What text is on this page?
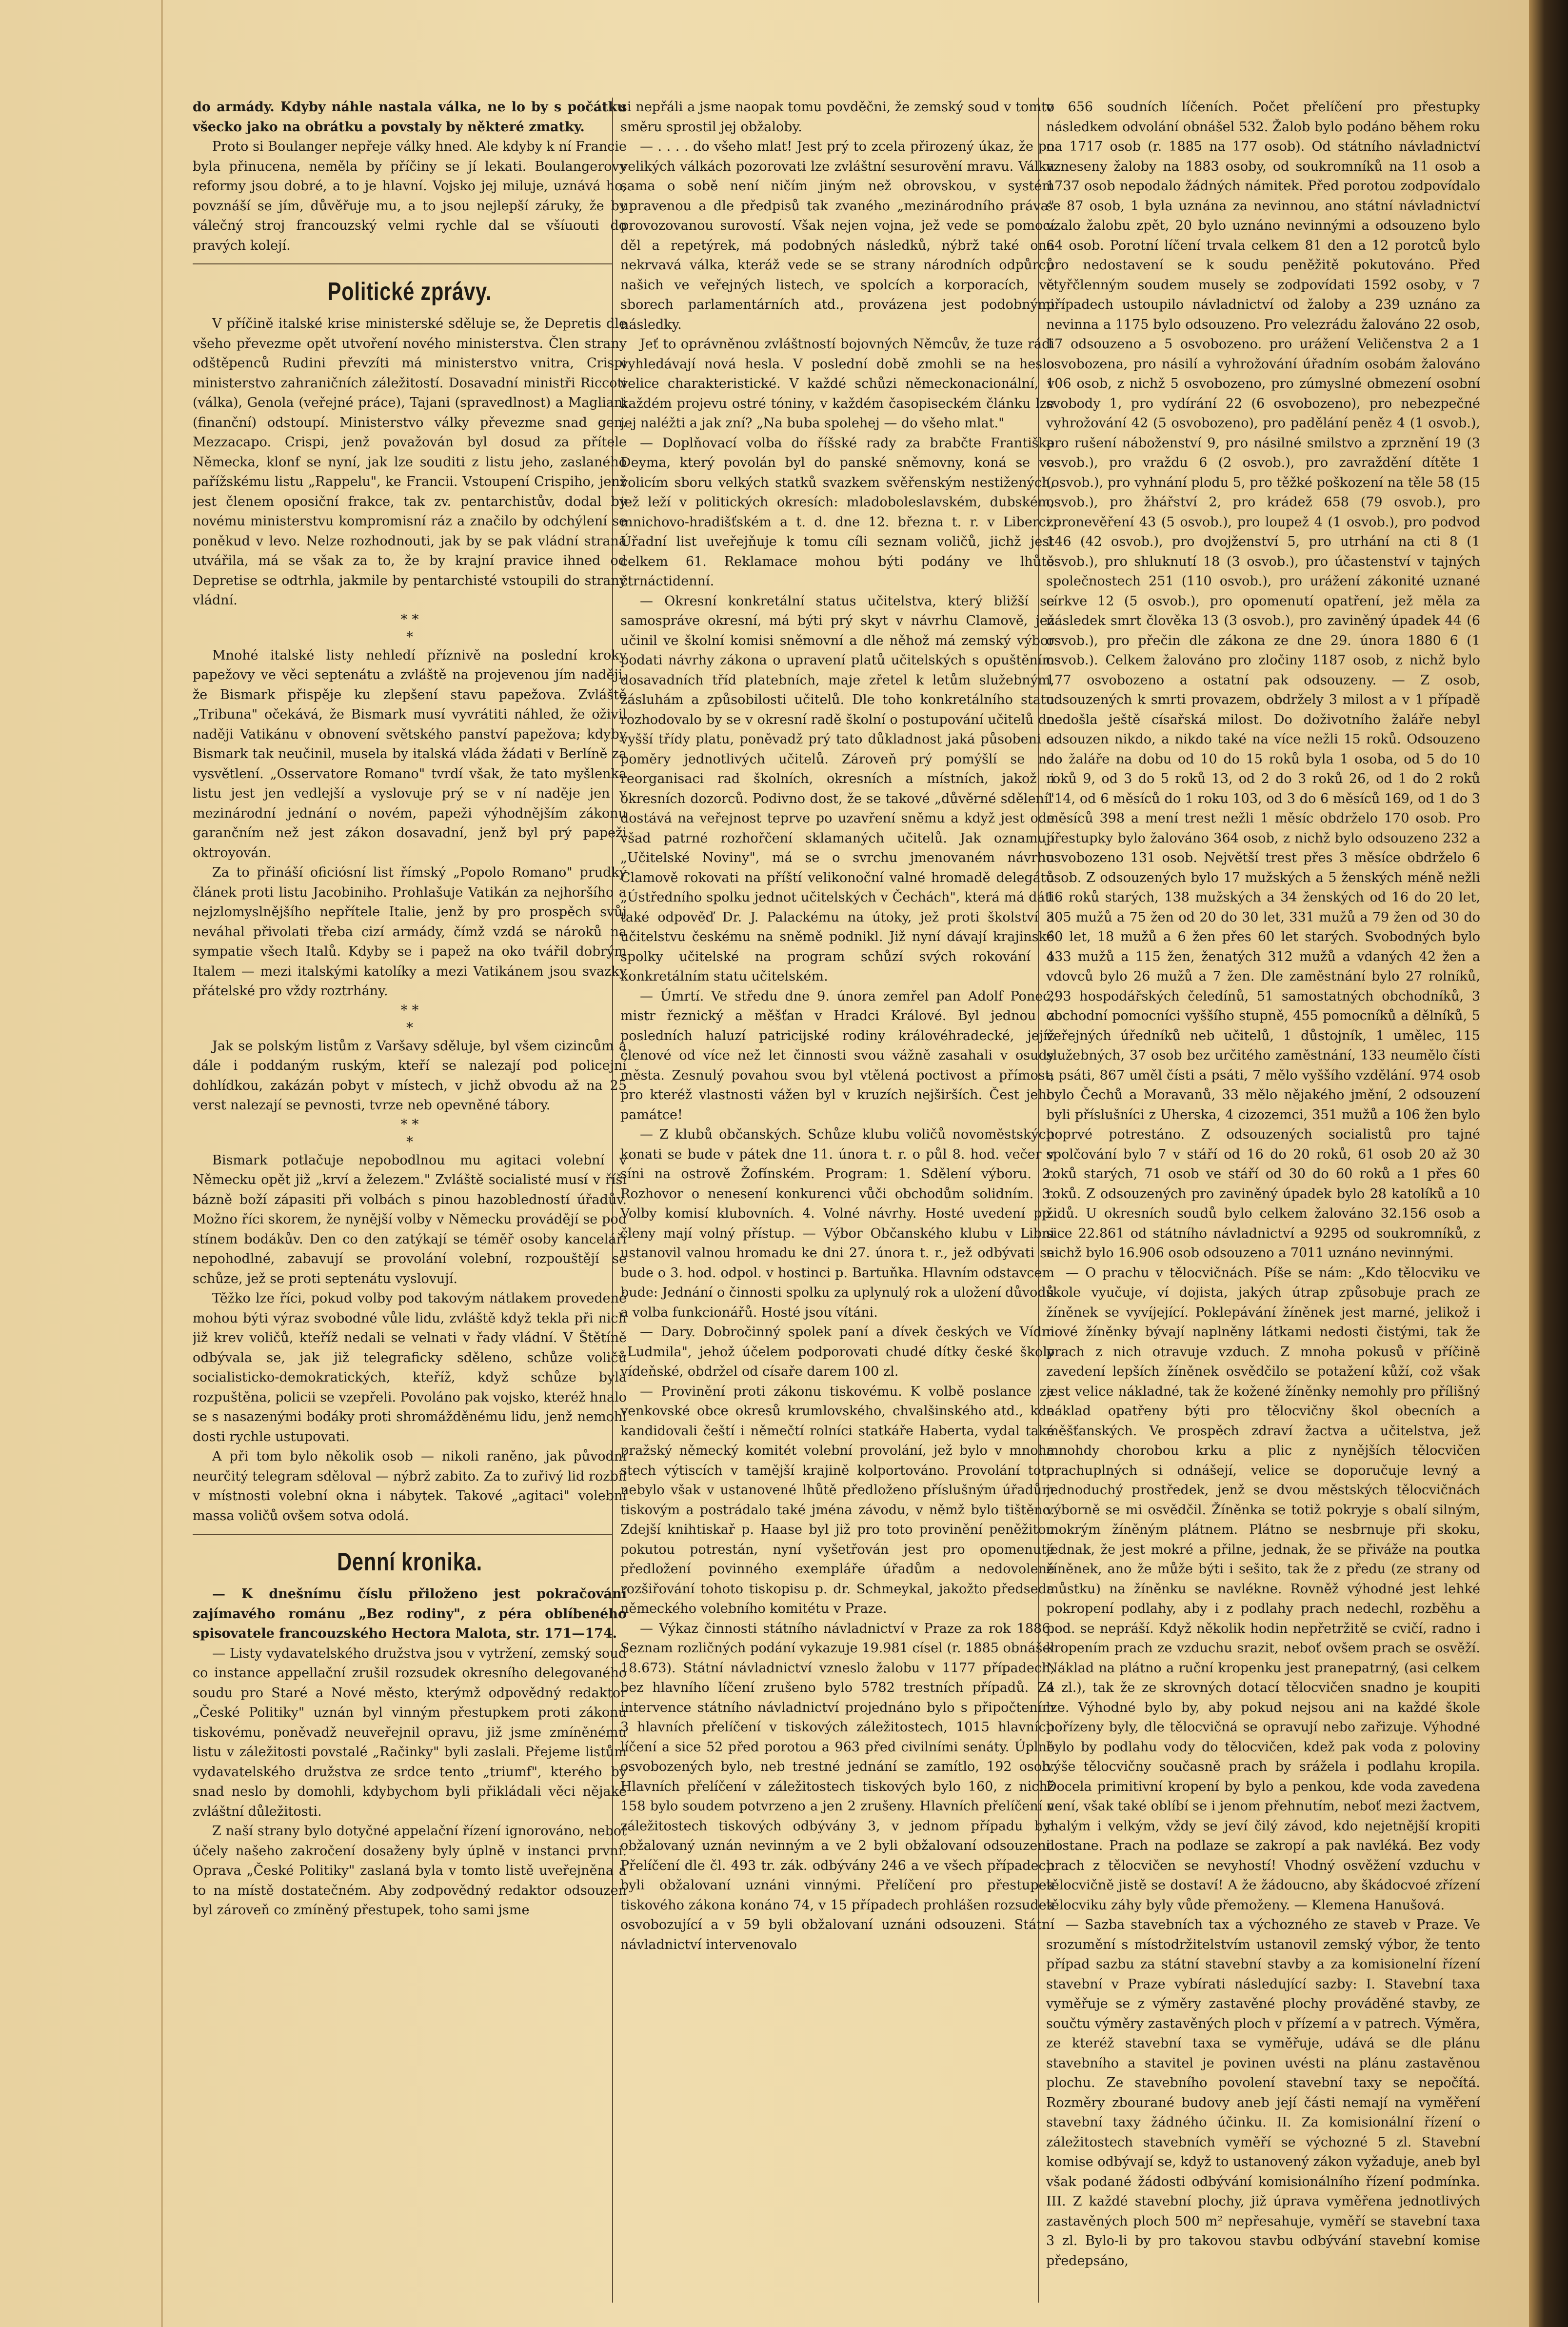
do armády. Kdyby náhle nastala válka, ne lo by s počátku všecko jako na obrátku a povstaly by některé zmatky.

Proto si Boulanger nepřeje války hned. Ale kdyby k ní Francie byla přinucena, neměla by příčiny se jí lekati. Boulangerovy reformy jsou dobré, a to je hlavní. Vojsko jej miluje, uznává ho, povznáší se jím, důvěřuje mu, a to jsou nejlepší záruky, že by válečný stroj francouzský velmi rychle dal se všíuouti do pravých kolejí.

Politické zprávy.

V příčině italské krise ministerské sděluje se, že Depretis dle všeho převezme opět utvoření nového ministerstva. Člen strany odštěpenců Rudini převzíti má ministerstvo vnitra, Crispi ministerstvo zahraničních záležitostí. Dosavadní ministři Riccoti (válka), Genola (veřejné práce), Tajani (spravedlnost) a Magliani (finanční) odstoupí. Ministerstvo války převezme snad gen. Mezzacapo. Crispi, jenž považován byl dosud za přítele Německa, klonf se nyní, jak lze souditi z listu jeho, zaslaného pařížskému listu „Rappelu", ke Francii. Vstoupení Crispiho, jenž jest členem oposiční frakce, tak zv. pentarchistův, dodal by novému ministerstvu kompromisní ráz a značilo by odchýlení se poněkud v levo. Nelze rozhodnouti, jak by se pak vládní strana utvářila, má se však za to, že by krajní pravice ihned od Depretise se odtrhla, jakmile by pentarchisté vstoupili do strany vládní.

* *
*

Mnohé italské listy nehledí příznivě na poslední kroky papežovy ve věci septenátu a zvláště na projevenou jím naději, že Bismark přispěje ku zlepšení stavu papežova. Zvláště „Tribuna" očekává, že Bismark musí vyvrátiti náhled, že oživil naději Vatikánu v obnovení světského panství papežova; kdyby Bismark tak neučinil, musela by italská vláda žádati v Berlíně za vysvětlení. „Osservatore Romano" tvrdí však, že tato myšlenka listu jest jen vedlejší a vyslovuje prý se v ní naděje jen v mezinárodní jednání o novém, papeži výhodnějším zákonu garančním než jest zákon dosavadní, jenž byl prý papeži oktroyován.

Za to přináší oficiósní list římský „Popolo Romano" prudký článek proti listu Jacobiniho. Prohlašuje Vatikán za nejhoršího a nejzlomyslnějšího nepřítele Italie, jenž by pro prospěch svůj neváhal přivolati třeba cizí armády, čímž vzdá se nároků na sympatie všech Italů. Kdyby se i papež na oko tvářil dobrým Italem — mezi italskými katolíky a mezi Vatikánem jsou svazky přátelské pro vždy roztrhány.

* *
*

Jak se polským listům z Varšavy sděluje, byl všem cizincům a dále i poddaným ruským, kteří se nalezají pod policejní dohlídkou, zakázán pobyt v místech, v jichž obvodu až na 25 verst nalezají se pevnosti, tvrze neb opevněné tábory.

* *
*

Bismark potlačuje nepobodlnou mu agitaci volební v Německu opět již „krví a železem." Zvláště socialisté musí v říši bázně boží zápasiti při volbách s pinou hazobledností úřadův. Možno říci skorem, že nynější volby v Německu provádějí se pod stínem bodákův. Den co den zatýkají se téměř osoby kanceláři nepohodlné, zabavují se provolání volební, rozpouštějí se schůze, jež se proti septenátu vyslovují.

Těžko lze říci, pokud volby pod takovým nátlakem provedené mohou býti výraz svobodné vůle lidu, zvláště když tekla při nich již krev voličů, kteříž nedali se velnati v řady vládní. V Štětíně odbývala se, jak již telegraficky sděleno, schůze voličů socialisticko-demokratických, kteříž, když schůze byla rozpuštěna, policii se vzepřeli. Povoláno pak vojsko, kteréž hnalo se s nasazenými bodáky proti shromážděnému lidu, jenž nemohl dosti rychle ustupovati.

A při tom bylo několik osob — nikoli raněno, jak původní neurčitý telegram sděloval — nýbrž zabito. Za to zuřivý lid rozbil v místnosti volební okna i nábytek. Takové „agitaci" volební massa voličů ovšem sotva odolá.

Denní kronika.

— K dnešnímu číslu přiloženo jest pokračování zajímavého románu „Bez rodiny", z péra oblíbeného spisovatele francouzského Hectora Malota, str. 171—174.

— Listy vydavatelského družstva jsou v vytržení, zemský soud co instance appellační zrušil rozsudek okresního delegovaného soudu pro Staré a Nové město, kterýmž odpovědný redaktor „České Politiky" uznán byl vinným přestupkem proti zákonu tiskovému, poněvadž neuveřejnil opravu, již jsme zmíněnému listu v záležitosti povstalé „Račinky" byli zaslali. Přejeme listům vydavatelského družstva ze srdce tento „triumf", kterého by snad neslo by domohli, kdybychom byli přikládali věci nějaké zvláštní důležitosti.

Z naší strany bylo dotyčné appelační řízení ignorováno, neboť účely našeho zakročení dosaženy byly úplně v instanci první. Oprava „České Politiky" zaslaná byla v tomto listě uveřejněna a to na místě dostatečném. Aby zodpovědný redaktor odsouzen byl zároveň co zmíněný přestupek, toho sami jsme

si nepřáli a jsme naopak tomu povděčni, že zemský soud v tomto směru sprostil jej obžaloby.

— . . . . do všeho mlat! Jest prý to zcela přirozený úkaz, že po velikých válkách pozorovati lze zvláštní sesurovění mravu. Válka sama o sobě není ničím jiným než obrovskou, v systém upravenou a dle předpisů tak zvaného „mezinárodního práva" provozovanou surovostí. Však nejen vojna, jež vede se pomocí děl a repetýrek, má podobných následků, nýbrž také ona nekrvavá válka, kteráž vede se se strany národních odpůrců našich ve veřejných listech, ve spolcích a korporacích, ve sborech parlamentárních atd., provázena jest podobnými následky.

Jeť to oprávněnou zvláštností bojovných Němcův, že tuze rádi vyhledávají nová hesla. V poslední době zmohli se na heslo velice charakteristické. V každé schůzi německonacionální, v každém projevu ostré tóniny, v každém časopiseckém článku lze jej naléžti a jak zní? „Na buba spolehej — do všeho mlat."

— Doplňovací volba do říšské rady za brabčte Františka Deyma, který povolán byl do panské sněmovny, koná se ve volicím sboru velkých statků svazkem svěřenským nestižených, jež leží v politických okresích: mladoboleslavském, dubském, mnichovo-hradišťském a t. d. dne 12. března t. r. v Liberci. Úřadní list uveřejňuje k tomu cíli seznam voličů, jichž jest celkem 61. Reklamace mohou býti podány ve lhůtě čtrnáctidenní.

— Okresní konkretální status učitelstva, který bližší se samospráve okresní, má býti prý skyt v návrhu Clamově, jež učinil ve školní komisi sněmovní a dle něhož má zemský výbor podati návrhy zákona o upravení platů učitelských s opuštěním dosavadních tříd platebních, maje zřetel k letům služebným, zásluhám a způsobilosti učitelů. Dle toho konkretálního statu rozhodovalo by se v okresní radě školní o postupování učitelů do vyšší třídy platu, poněvadž prý tato důkladnost jaká působeni a poměry jednotlivých učitelů. Zároveň prý pomýšlí se na reorganisaci rad školních, okresních a místních, jakož i okresních dozorců. Podivno dost, že se takové „důvěrné sdělení" dostává na veřejnost teprve po uzavření sněmu a když jest ode všad patrné rozhořčení sklamaných učitelů. Jak oznamují „Učitelské Noviny", má se o svrchu jmenovaném návrhu Clamově rokovati na příští velikonoční valné hromadě delegátů „Ústředního spolku jednot učitelských v Čechách", která má dáti také odpověď Dr. J. Palackému na útoky, jež proti školství a učitelstvu českému na sněmě podnikl. Již nyní dávají krajinské spolky učitelské na program schůzí svých rokování o konkretálním statu učitelském.

— Úmrtí. Ve středu dne 9. února zemřel pan Adolf Ponec, mistr řeznický a měšťan v Hradci Králové. Byl jednou z posledních haluzí patricijské rodiny královéhradecké, jejíž členové od více než let činnosti svou vážně zasahali v osudy města. Zesnulý povahou svou byl vtělená poctivost a přímost, pro kteréž vlastnosti vážen byl v kruzích nejširších. Čest jeho památce!

— Z klubů občanských. Schůze klubu voličů novoměstských konati se bude v pátek dne 11. února t. r. o půl 8. hod. večer v síni na ostrově Žofínském. Program: 1. Sdělení výboru. 2. Rozhovor o nenesení konkurenci vůči obchodům solidním. 3. Volby komisí klubovních. 4. Volné návrhy. Hosté uvedení pp. členy mají volný přístup. — Výbor Občanského klubu v Libni ustanovil valnou hromadu ke dni 27. února t. r., jež odbývati se bude o 3. hod. odpol. v hostinci p. Bartuňka. Hlavním odstavcem bude: Jednání o činnosti spolku za uplynulý rok a uložení důvodů a volba funkcionářů. Hosté jsou vítáni.

— Dary. Dobročinný spolek paní a dívek českých ve Vídni „Ludmila", jehož účelem podporovati chudé dítky české školy vídeňské, obdržel od císaře darem 100 zl.

— Provinění proti zákonu tiskovému. K volbě poslance za venkovské obce okresů krumlovského, chvalšinského atd., kde kandidovali čeští i němečtí rolníci statkáře Haberta, vydal také pražský německý komitét volební provolání, jež bylo v mnoha stech výtiscích v tamější krajině kolportováno. Provolání toto nebylo však v ustanovené lhůtě předloženo příslušným úřadům tiskovým a postrádalo také jména závodu, v němž bylo tištěno. Zdejší knihtiskař p. Haase byl již pro toto provinění peněžitou pokutou potrestán, nyní vyšetřován jest pro opomenuté předložení povinného exempláře úřadům a nedovolené rozšiřování tohoto tiskopisu p. dr. Schmeykal, jakožto předseda německého volebního komitétu v Praze.

— Výkaz činnosti státního návladnictví v Praze za rok 1886. Seznam rozličných podání vykazuje 19.981 císel (r. 1885 obnášel 18.673). Státní návladnictví vzneslo žalobu v 1177 případech, bez hlavního líčení zrušeno bylo 5782 trestních případů. Za intervence státního návladnictví projednáno bylo s připočtením 3 hlavních přelíčení v tiskových záležitostech, 1015 hlavních líčení a sice 52 před porotou a 963 před civilními senáty. Úplně osvobozených bylo, neb trestné jednání se zamítlo, 192 osob. Hlavních přelíčení v záležitostech tiskových bylo 160, z nichž 158 bylo soudem potvrzeno a jen 2 zrušeny. Hlavních přelíčení v záležitostech tiskových odbývány 3, v jednom případu byl obžalovaný uznán nevinným a ve 2 byli obžalovaní odsouzeni. Přelíčení dle čl. 493 tr. zák. odbývány 246 a ve všech případech byli obžalovaní uznáni vinnými. Přelíčení pro přestupek tiskového zákona konáno 74, v 15 případech prohlášen rozsudek osvobozující a v 59 byli obžalovaní uznáni odsouzeni. Státní návladnictví intervenovalo

v 656 soudních líčeních. Počet přelíčení pro přestupky následkem odvolání obnášel 532. Žalob bylo podáno během roku na 1717 osob (r. 1885 na 177 osob). Od státního návladnictví vzneseny žaloby na 1883 osoby, od soukromníků na 11 osob a 1737 osob nepodalo žádných námitek. Před porotou zodpovídalo se 87 osob, 1 byla uznána za nevinnou, ano státní návladnictví vzalo žalobu zpět, 20 bylo uznáno nevinnými a odsouzeno bylo 64 osob. Porotní líčení trvala celkem 81 den a 12 porotců bylo pro nedostavení se k soudu peněžitě pokutováno. Před čtyřčlenným soudem musely se zodpovídati 1592 osoby, v 7 případech ustoupilo návladnictví od žaloby a 239 uznáno za nevinna a 1175 bylo odsouzeno. Pro velezrádu žalováno 22 osob, 17 odsouzeno a 5 osvobozeno. pro urážení Veličenstva 2 a 1 osvobozena, pro násilí a vyhrožování úřadním osobám žalováno 106 osob, z nichž 5 osvobozeno, pro zúmyslné obmezení osobní svobody 1, pro vydírání 22 (6 osvobozeno), pro nebezpečné vyhrožování 42 (5 osvobozeno), pro padělání peněz 4 (1 osvob.), pro rušení náboženství 9, pro násilné smilstvo a zprznění 19 (3 osvob.), pro vraždu 6 (2 osvob.), pro zavraždění dítěte 1 (osvob.), pro vyhnání plodu 5, pro těžké poškození na těle 58 (15 osvob.), pro žhářství 2, pro krádež 658 (79 osvob.), pro zpronevěření 43 (5 osvob.), pro loupež 4 (1 osvob.), pro podvod 146 (42 osvob.), pro dvojženství 5, pro utrhání na cti 8 (1 osvob.), pro shluknutí 18 (3 osvob.), pro účastenství v tajných společnostech 251 (110 osvob.), pro urážení zákonité uznané církve 12 (5 osvob.), pro opomenutí opatření, jež měla za následek smrt člověka 13 (3 osvob.), pro zaviněný úpadek 44 (6 osvob.), pro přečin dle zákona ze dne 29. února 1880 6 (1 osvob.). Celkem žalováno pro zločiny 1187 osob, z nichž bylo 177 osvobozeno a ostatní pak odsouzeny. — Z osob, odsouzených k smrti provazem, obdržely 3 milost a v 1 případě nedošla ještě císařská milost. Do doživotního žaláře nebyl odsouzen nikdo, a nikdo také na více nežli 15 roků. Odsouzeno do žaláře na dobu od 10 do 15 roků byla 1 osoba, od 5 do 10 roků 9, od 3 do 5 roků 13, od 2 do 3 roků 26, od 1 do 2 roků 114, od 6 měsíců do 1 roku 103, od 3 do 6 měsíců 169, od 1 do 3 měsíců 398 a mení trest nežli 1 měsíc obdrželo 170 osob. Pro přestupky bylo žalováno 364 osob, z nichž bylo odsouzeno 232 a osvobozeno 131 osob. Největší trest přes 3 měsíce obdrželo 6 osob. Z odsouzených bylo 17 mužských a 5 ženských méně nežli 16 roků starých, 138 mužských a 34 ženských od 16 do 20 let, 305 mužů a 75 žen od 20 do 30 let, 331 mužů a 79 žen od 30 do 60 let, 18 mužů a 6 žen přes 60 let starých. Svobodných bylo 433 mužů a 115 žen, ženatých 312 mužů a vdaných 42 žen a vdovců bylo 26 mužů a 7 žen. Dle zaměstnání bylo 27 rolníků, 293 hospodářských čeledínů, 51 samostatných obchodníků, 3 obchodní pomocníci vyššího stupně, 455 pomocníků a dělníků, 5 veřejných úředníků neb učitelů, 1 důstojník, 1 umělec, 115 služebných, 37 osob bez určitého zaměstnání, 133 neumělo čísti a psáti, 867 uměl čísti a psáti, 7 mělo vyššího vzdělání. 974 osob bylo Čechů a Moravanů, 33 mělo nějakého jmění, 2 odsouzení byli příslušníci z Uherska, 4 cizozemci, 351 mužů a 106 žen bylo poprvé potrestáno. Z odsouzených socialistů pro tajné spolčování bylo 7 v stáří od 16 do 20 roků, 61 osob 20 až 30 roků starých, 71 osob ve stáří od 30 do 60 roků a 1 přes 60 roků. Z odsouzených pro zaviněný úpadek bylo 28 katolíků a 10 židů. U okresních soudů bylo celkem žalováno 32.156 osob a sice 22.861 od státního návladnictví a 9295 od soukromníků, z nichž bylo 16.906 osob odsouzeno a 7011 uznáno nevinnými.

— O prachu v tělocvičnách. Píše se nám: „Kdo tělocviku ve škole vyučuje, ví dojista, jakých útrap způsobuje prach ze žíněnek se vyvíjející. Poklepávání žíněnek jest marné, jelikož i nové žíněnky bývají naplněny látkami nedosti čistými, tak že prach z nich otravuje vzduch. Z mnoha pokusů v příčině zavedení lepších žíněnek osvědčilo se potažení kůží, což však jest velice nákladné, tak že kožené žíněnky nemohly pro přílišný náklad opatřeny býti pro tělocvičny škol obecních a měšťanských. Ve prospěch zdraví žactva a učitelstva, jež mnohdy chorobou krku a plic z nynějších tělocvičen prachuplných si odnášejí, velice se doporučuje levný a jednoduchý prostředek, jenž se dvou městských tělocvičnách výborně se mi osvědčil. Žíněnka se totiž pokryje s obalí silným, mokrým žíněným plátnem. Plátno se nesbrnuje při skoku, jednak, že jest mokré a přilne, jednak, že se přiváže na poutka žíněnek, ano že může býti i sešito, tak že z předu (ze strany od můstku) na žíněnku se navlékne. Rovněž výhodné jest lehké pokropení podlahy, aby i z podlahy prach nedechl, rozběhu a pod. se nepráší. Když několik hodin nepřetržitě se cvičí, radno i kropením prach ze vzduchu srazit, neboť ovšem prach se osvěží. Náklad na plátno a ruční kropenku jest pranepatrný, (asi celkem 4 zl.), tak že ze skrovných dotací tělocvičen snadno je koupiti lze. Výhodné bylo by, aby pokud nejsou ani na každé škole pořízeny byly, dle tělocvičná se opravují nebo zařizuje. Výhodné bylo by podlahu vody do tělocvičen, kdež pak voda z poloviny výše tělocvičny současně prach by srážela i podlahu kropila. Docela primitivní kropení by bylo a penkou, kde voda zavedena není, však také oblíbí se i jenom přehnutím, neboť mezi žactvem, malým i velkým, vždy se jeví čilý závod, kdo nejetnější kropiti dostane. Prach na podlaze se zakropí a pak navléká. Bez vody prach z tělocvičen se nevyhostí! Vhodný osvěžení vzduchu v tělocvičně jistě se dostaví! A že žádoucno, aby škádocvoé zřízení tělocviku záhy byly vůde přemoženy. — Klemena Hanušová.

— Sazba stavebních tax a výchozného ze staveb v Praze. Ve srozumění s místodržitelstvím ustanovil zemský výbor, že tento případ sazbu za státní stavební stavby a za komisionelní řízení stavební v Praze vybírati následující sazby: I. Stavební taxa vyměřuje se z výměry zastavěné plochy prováděné stavby, ze součtu výměry zastavěných ploch v přízemí a v patrech. Výměra, ze kteréž stavební taxa se vyměřuje, udává se dle plánu stavebního a stavitel je povinen uvésti na plánu zastavěnou plochu. Ze stavebního povolení stavební taxy se nepočítá. Rozměry zbourané budovy aneb její části nemají na vyměření stavební taxy žádného účinku. II. Za komisionální řízení o záležitostech stavebních vyměří se výchozné 5 zl. Stavební komise odbývají se, když to ustanovený zákon vyžaduje, aneb byl však podané žádosti odbývání komisionálního řízení podmínka. III. Z každé stavební plochy, již úprava vyměřena jednotlivých zastavěných ploch 500 m² nepřesahuje, vyměří se stavební taxa 3 zl. Bylo-li by pro takovou stavbu odbývání stavební komise předepsáno,
